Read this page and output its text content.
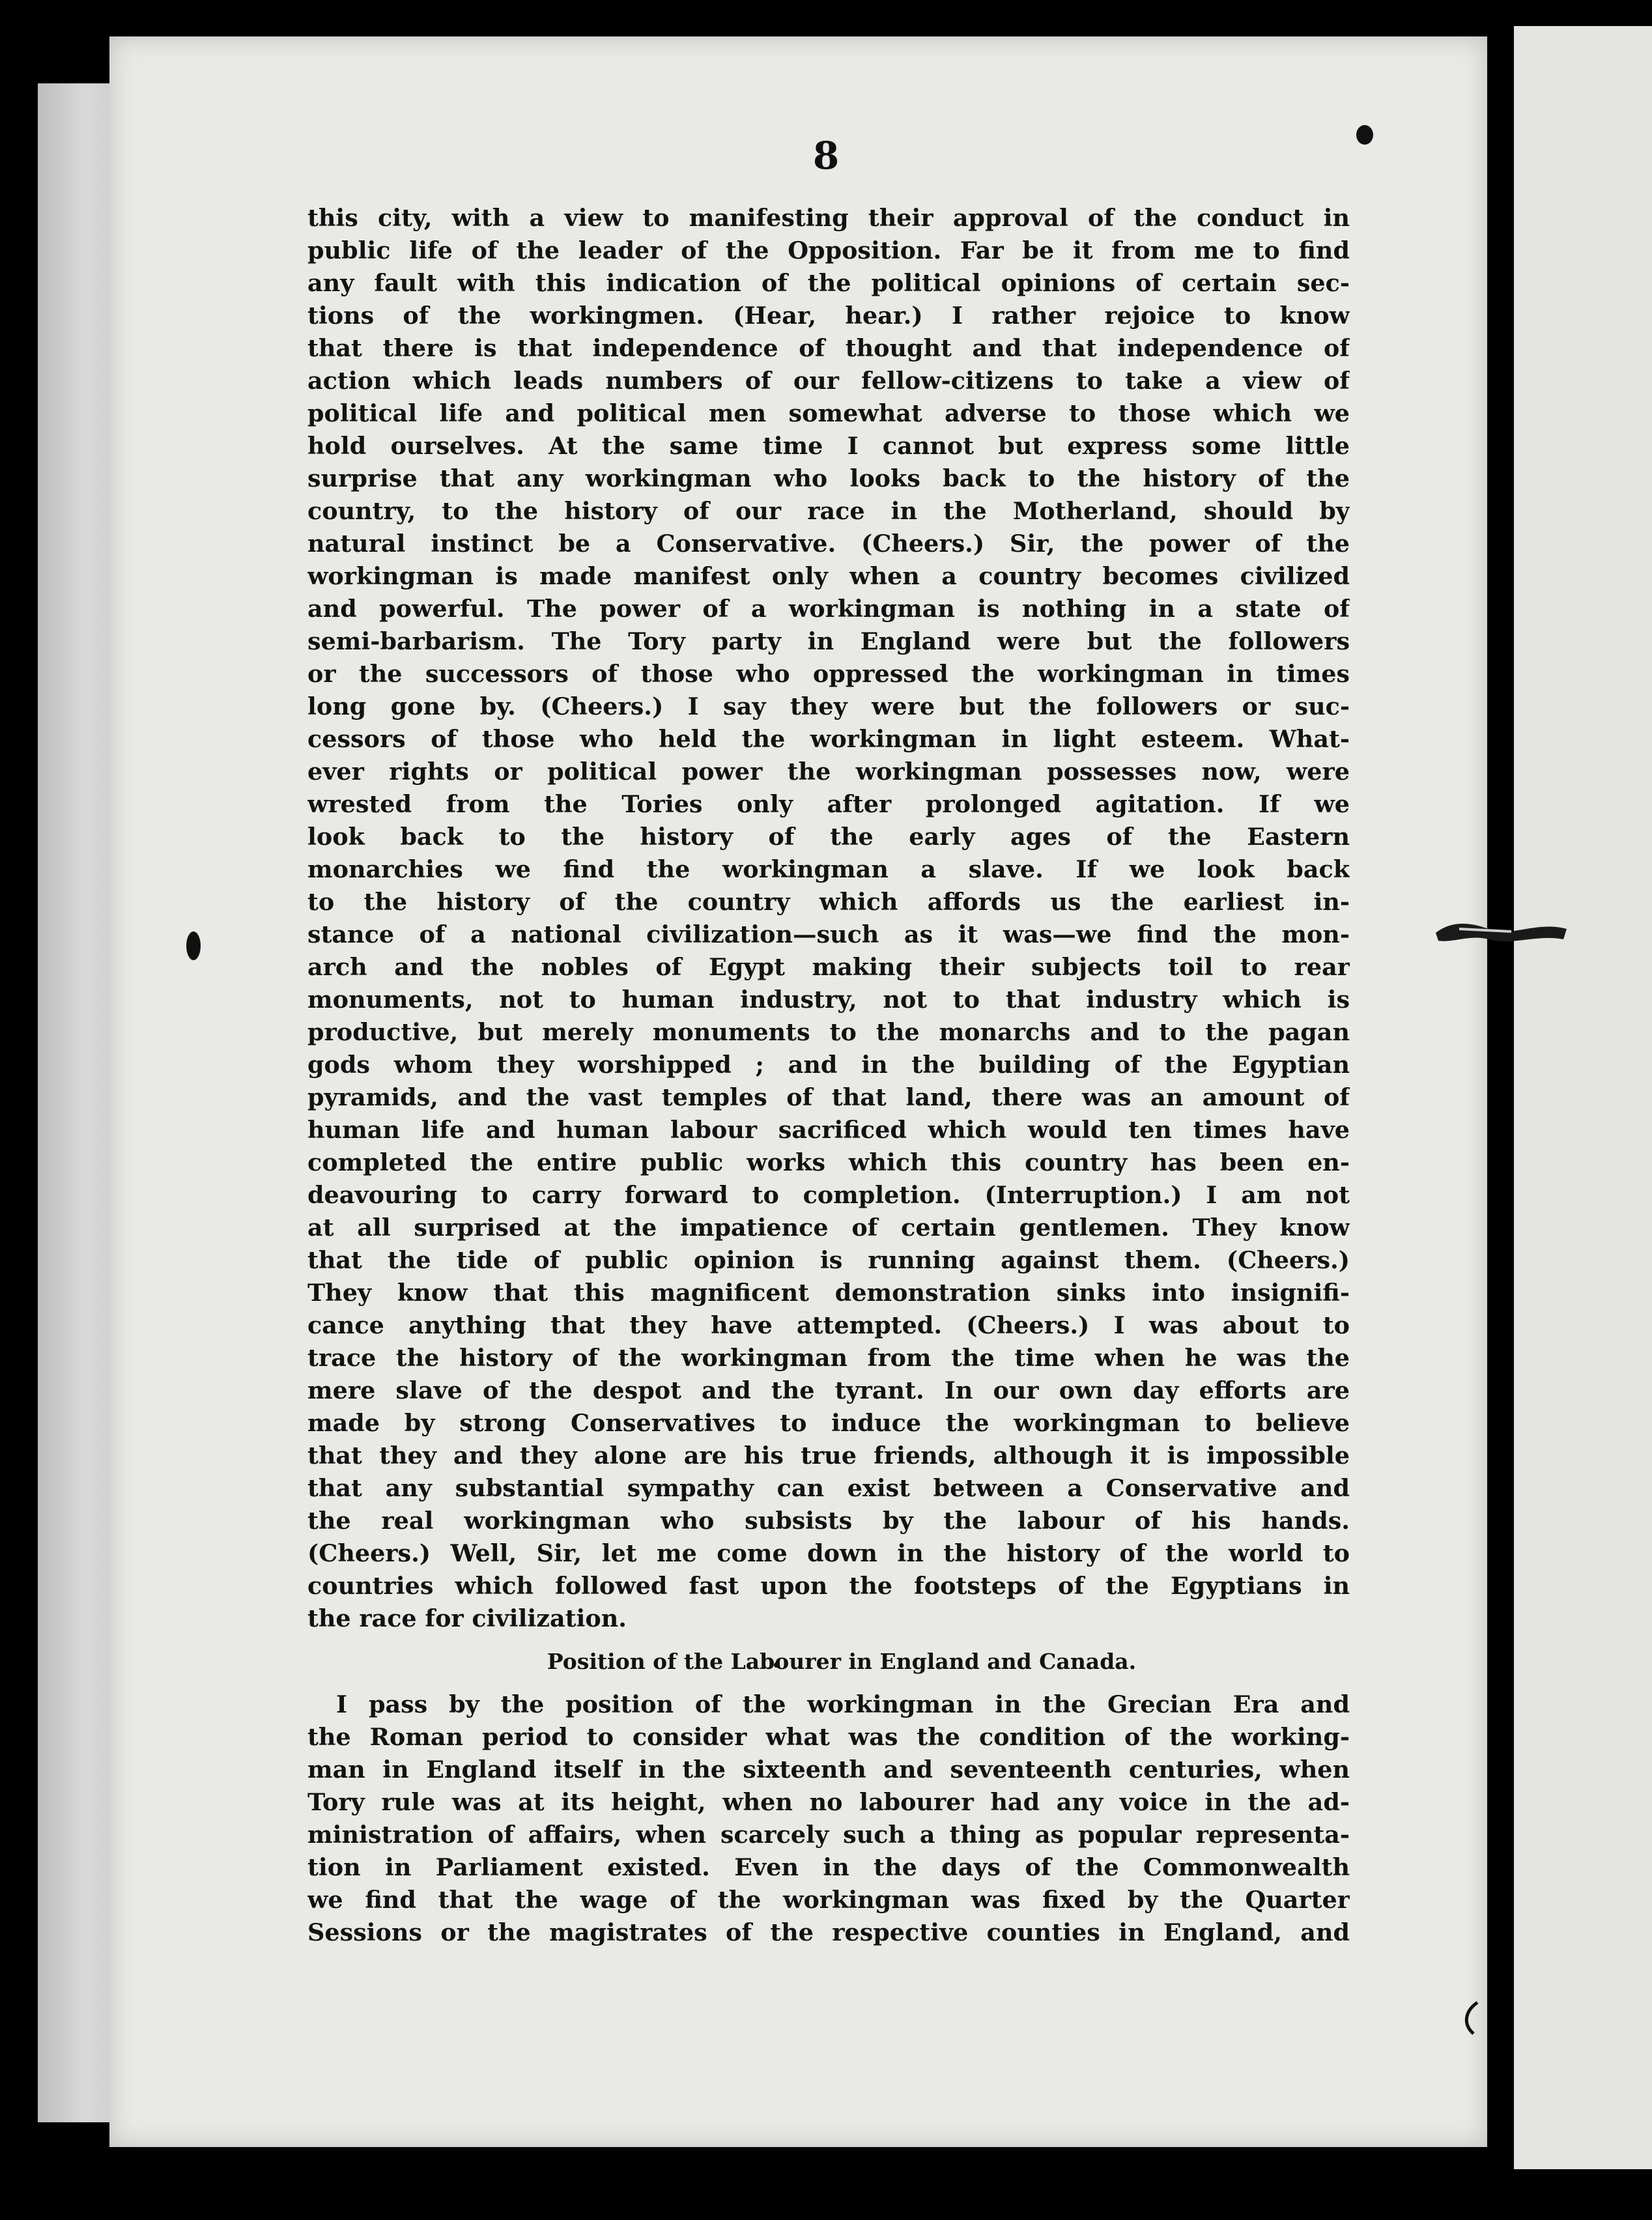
8
this city, with a view to manifesting their approval of the conduct in
public life of the leader of the Opposition. Far be it from me to find
any fault with this indication of the political opinions of certain sec-
tions of the workingmen. (Hear, hear.) I rather rejoice to know
that there is that independence of thought and that independence of
action which leads numbers of our fellow-citizens to take a view of
political life and political men somewhat adverse to those which we
hold ourselves. At the same time I cannot but express some little
surprise that any workingman who looks back to the history of the
country, to the history of our race in the Motherland, should by
natural instinct be a Conservative. (Cheers.) Sir, the power of the
workingman is made manifest only when a country becomes civilized
and powerful. The power of a workingman is nothing in a state of
semi-barbarism. The Tory party in England were but the followers
or the successors of those who oppressed the workingman in times
long gone by. (Cheers.) I say they were but the followers or suc-
cessors of those who held the workingman in light esteem. What-
ever rights or political power the workingman possesses now, were
wrested from the Tories only after prolonged agitation. If we
look back to the history of the early ages of the Eastern
monarchies we find the workingman a slave. If we look back
to the history of the country which affords us the earliest in-
stance of a national civilization—such as it was—we find the mon-
arch and the nobles of Egypt making their subjects toil to rear
monuments, not to human industry, not to that industry which is
productive, but merely monuments to the monarchs and to the pagan
gods whom they worshipped ; and in the building of the Egyptian
pyramids, and the vast temples of that land, there was an amount of
human life and human labour sacrificed which would ten times have
completed the entire public works which this country has been en-
deavouring to carry forward to completion. (Interruption.) I am not
at all surprised at the impatience of certain gentlemen. They know
that the tide of public opinion is running against them. (Cheers.)
They know that this magnificent demonstration sinks into insignifi-
cance anything that they have attempted. (Cheers.) I was about to
trace the history of the workingman from the time when he was the
mere slave of the despot and the tyrant. In our own day efforts are
made by strong Conservatives to induce the workingman to believe
that they and they alone are his true friends, although it is impossible
that any substantial sympathy can exist between a Conservative and
the real workingman who subsists by the labour of his hands.
(Cheers.) Well, Sir, let me come down in the history of the world to
countries which followed fast upon the footsteps of the Egyptians in
the race for civilization.
Position of the Labourer in England and Canada.
I pass by the position of the workingman in the Grecian Era and
the Roman period to consider what was the condition of the working-
man in England itself in the sixteenth and seventeenth centuries, when
Tory rule was at its height, when no labourer had any voice in the ad-
ministration of affairs, when scarcely such a thing as popular representa-
tion in Parliament existed. Even in the days of the Commonwealth
we find that the wage of the workingman was fixed by the Quarter
Sessions or the magistrates of the respective counties in England, and
